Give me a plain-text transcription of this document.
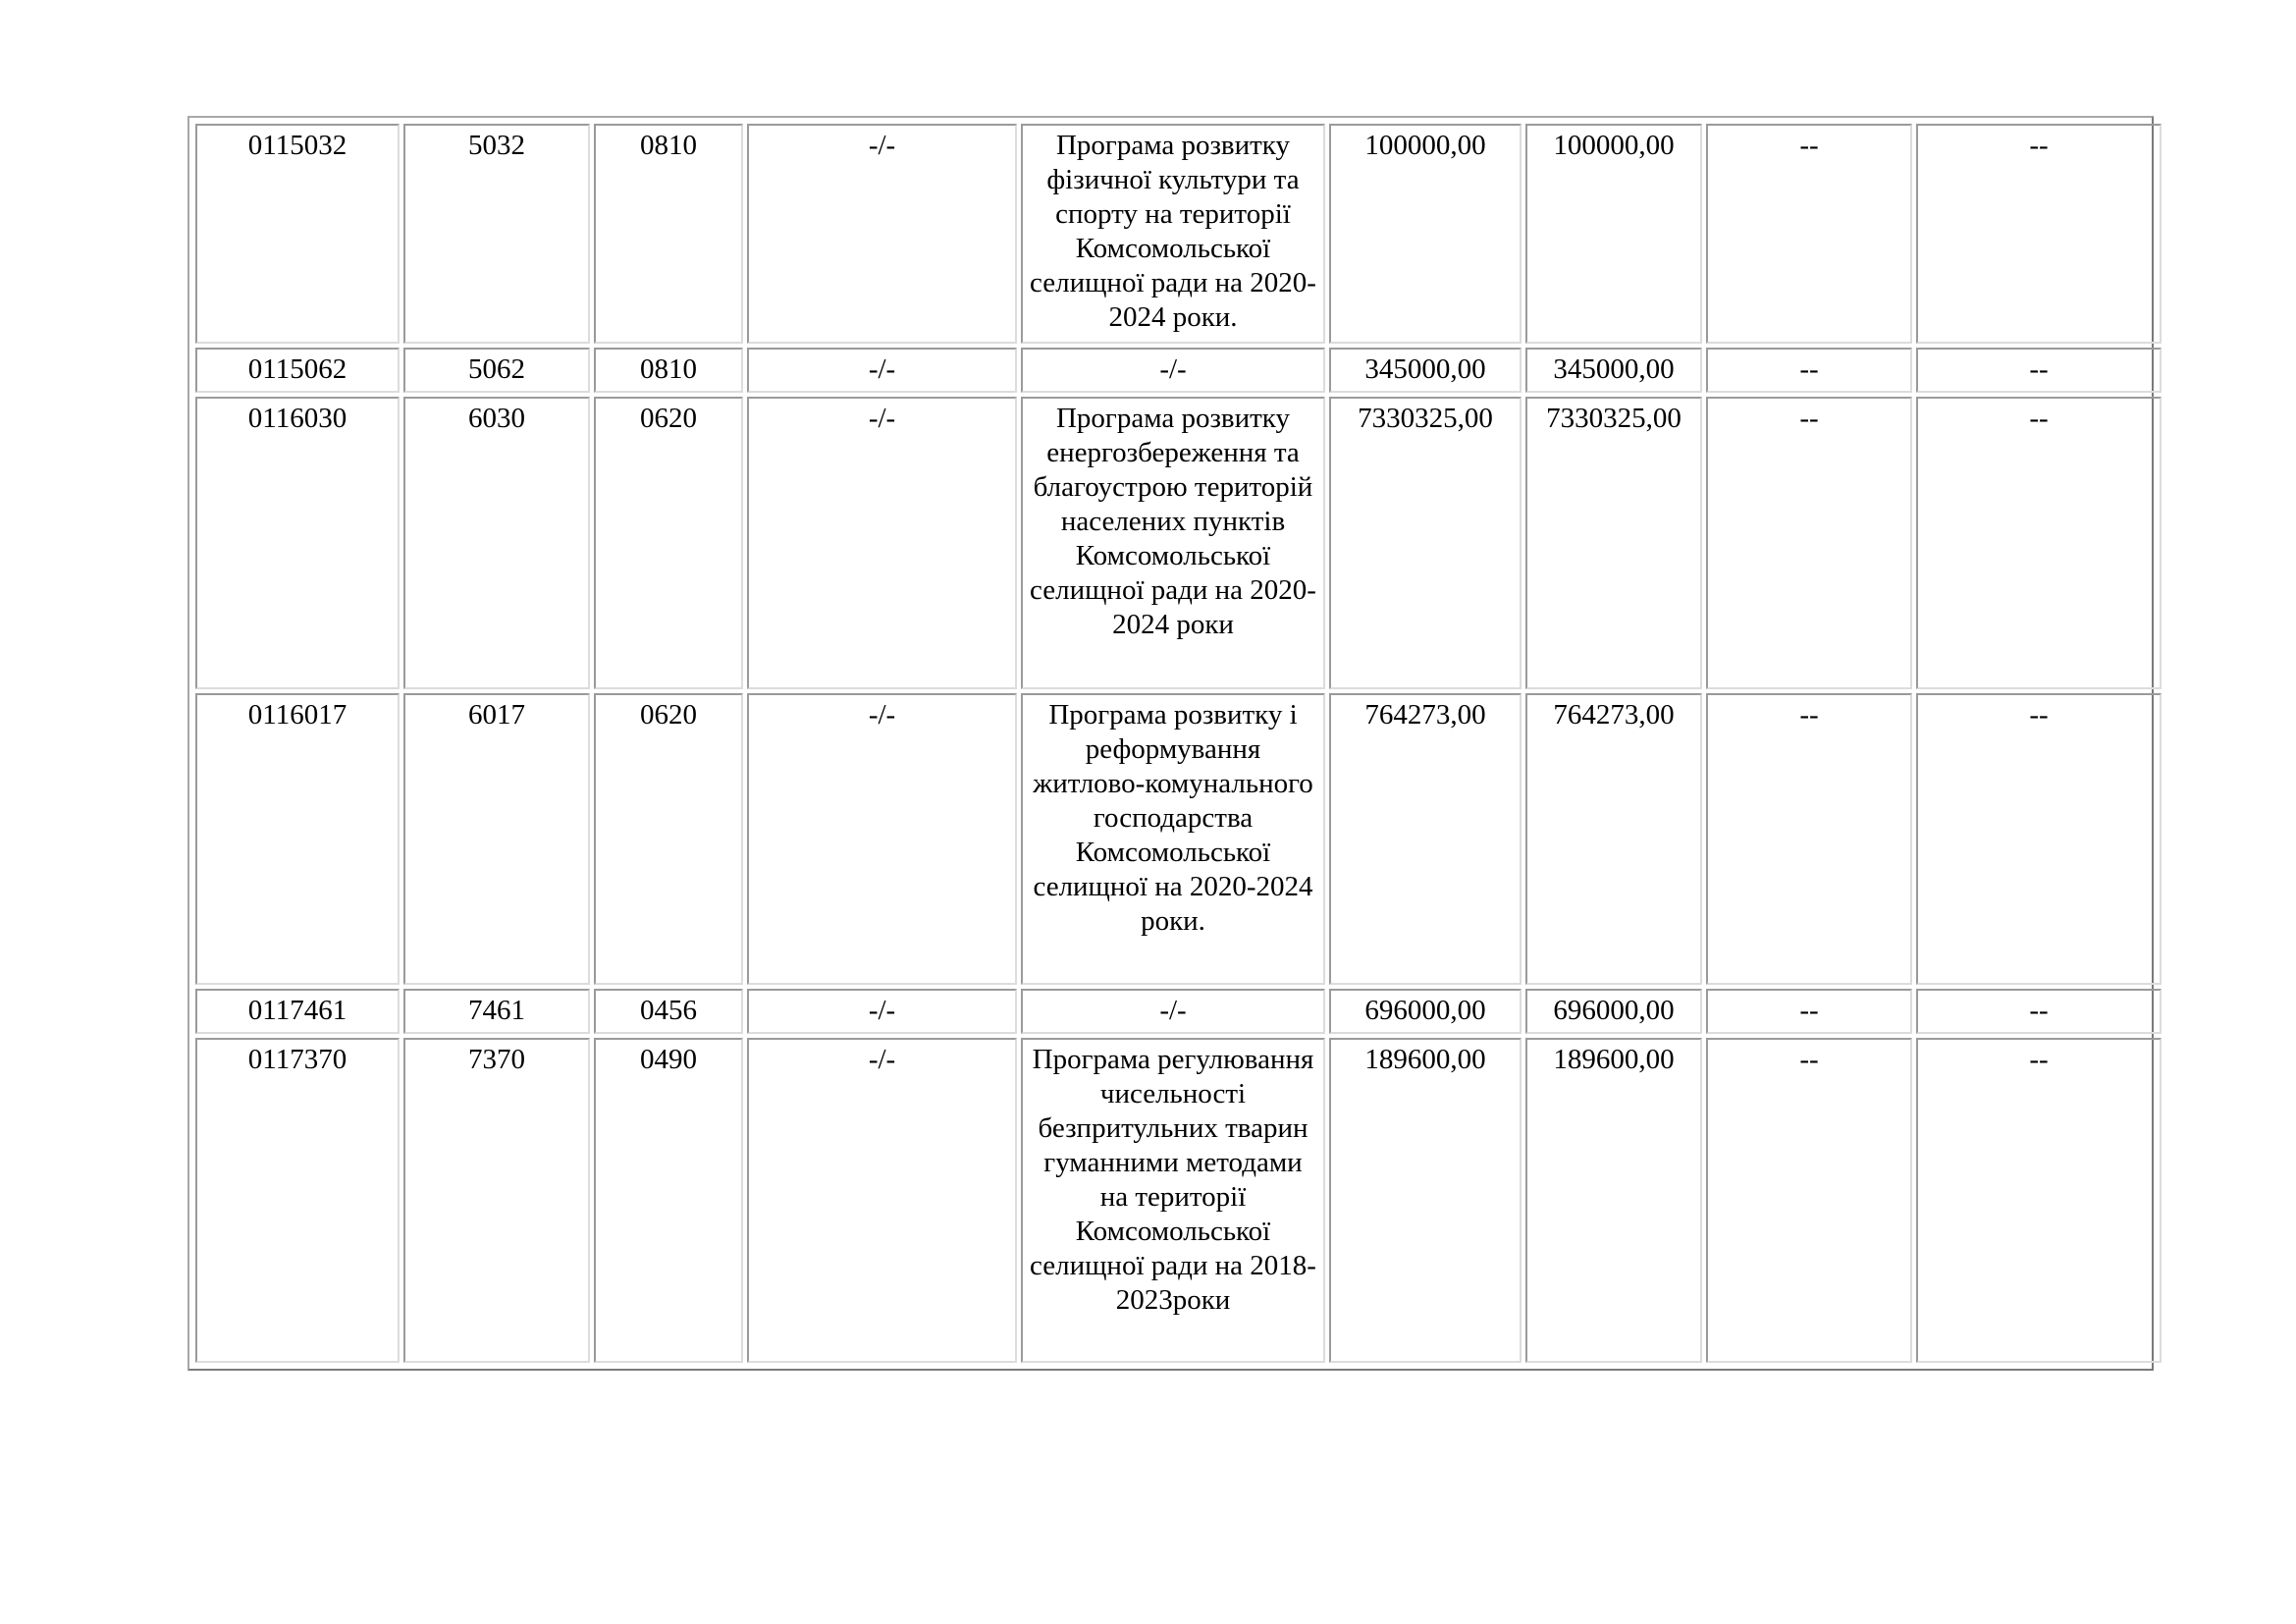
0115032	5032	0810	-/-	Програма розвитку фізичної культури та спорту на території Комсомольської селищної ради на 2020-2024 роки.	100000,00	100000,00	--	--
0115062	5062	0810	-/-	-/-	345000,00	345000,00	--	--
0116030	6030	0620	-/-	Програма розвитку енергозбереження та благоустрою територій населених пунктів Комсомольської селищної ради на 2020-2024 роки	7330325,00	7330325,00	--	--
0116017	6017	0620	-/-	Програма розвитку і реформування житлово-комунального господарства Комсомольської селищної на 2020-2024 роки.	764273,00	764273,00	--	--
0117461	7461	0456	-/-	-/-	696000,00	696000,00	--	--
0117370	7370	0490	-/-	Програма регулювання чисельності безпритульних тварин гуманними методами на території Комсомольської селищної ради на 2018-2023роки	189600,00	189600,00	--	--
